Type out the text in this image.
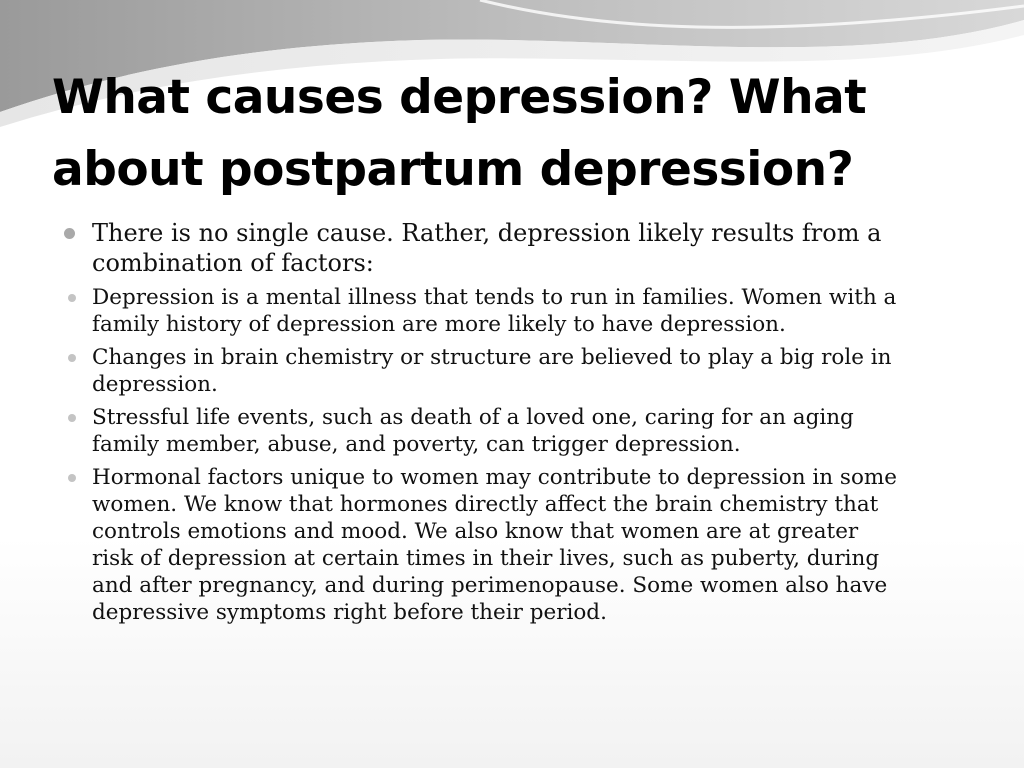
What causes depression? What about postpartum depression?
There is no single cause. Rather, depression likely results from a combination of factors:
Depression is a mental illness that tends to run in families. Women with a family history of depression are more likely to have depression.
Changes in brain chemistry or structure are believed to play a big role in depression.
Stressful life events, such as death of a loved one, caring for an aging family member, abuse, and poverty, can trigger depression.
Hormonal factors unique to women may contribute to depression in some women. We know that hormones directly affect the brain chemistry that controls emotions and mood. We also know that women are at greater risk of depression at certain times in their lives, such as puberty, during and after pregnancy, and during perimenopause. Some women also have depressive symptoms right before their period.
